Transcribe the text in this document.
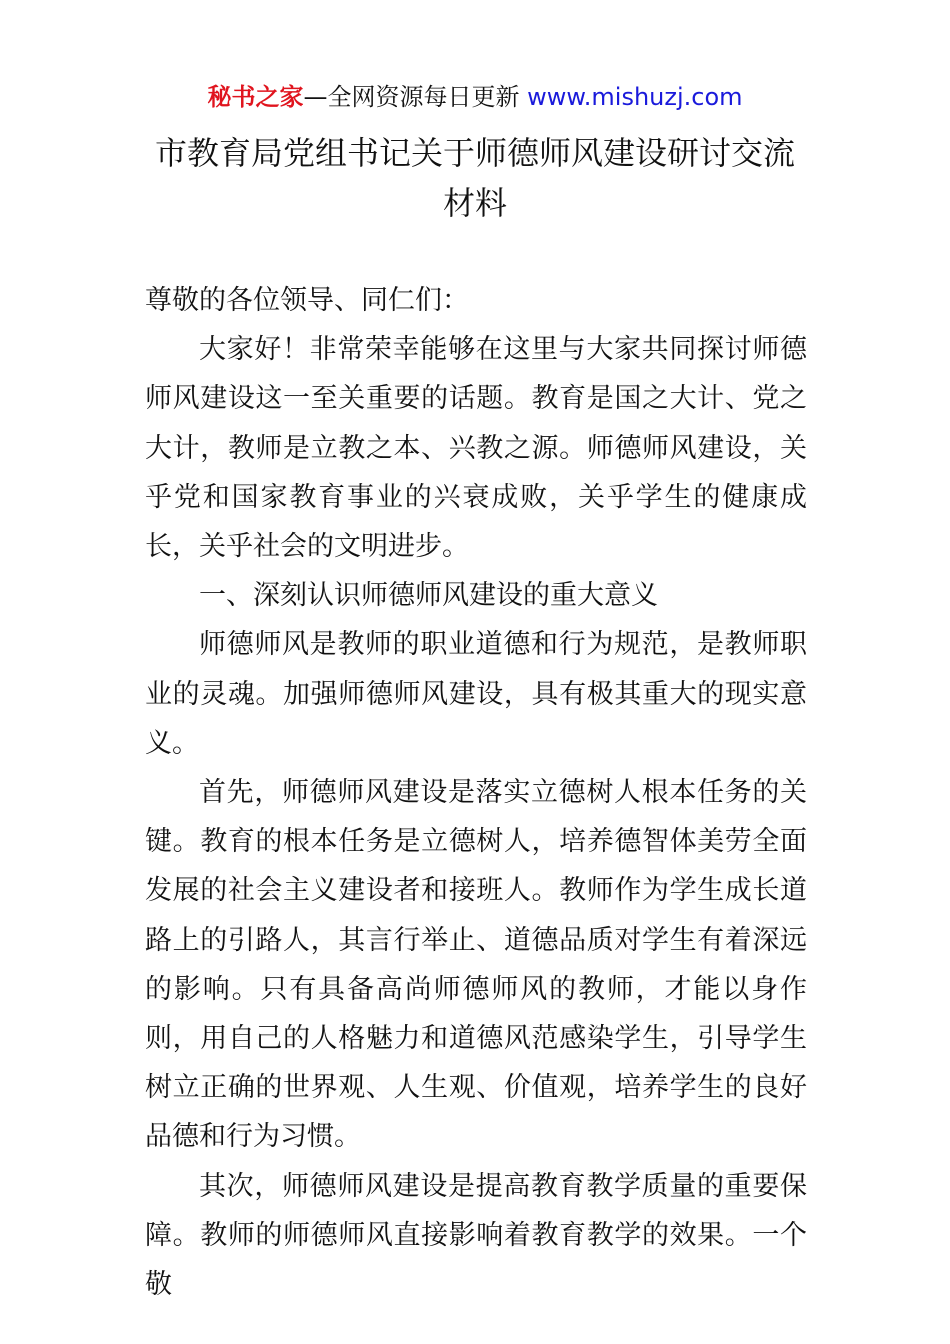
秘书之家—全网资源每日更新 www.mishuzj.com
市教育局党组书记关于师德师风建设研讨交流材料

尊敬的各位领导、同仁们：

大家好！非常荣幸能够在这里与大家共同探讨师德师风建设这一至关重要的话题。教育是国之大计、党之大计，教师是立教之本、兴教之源。师德师风建设，关乎党和国家教育事业的兴衰成败，关乎学生的健康成长，关乎社会的文明进步。

一、深刻认识师德师风建设的重大意义

师德师风是教师的职业道德和行为规范，是教师职业的灵魂。加强师德师风建设，具有极其重大的现实意义。

首先，师德师风建设是落实立德树人根本任务的关键。教育的根本任务是立德树人，培养德智体美劳全面发展的社会主义建设者和接班人。教师作为学生成长道路上的引路人，其言行举止、道德品质对学生有着深远的影响。只有具备高尚师德师风的教师，才能以身作则，用自己的人格魅力和道德风范感染学生，引导学生树立正确的世界观、人生观、价值观，培养学生的良好品德和行为习惯。

其次，师德师风建设是提高教育教学质量的重要保障。教师的师德师风直接影响着教育教学的效果。一个敬
